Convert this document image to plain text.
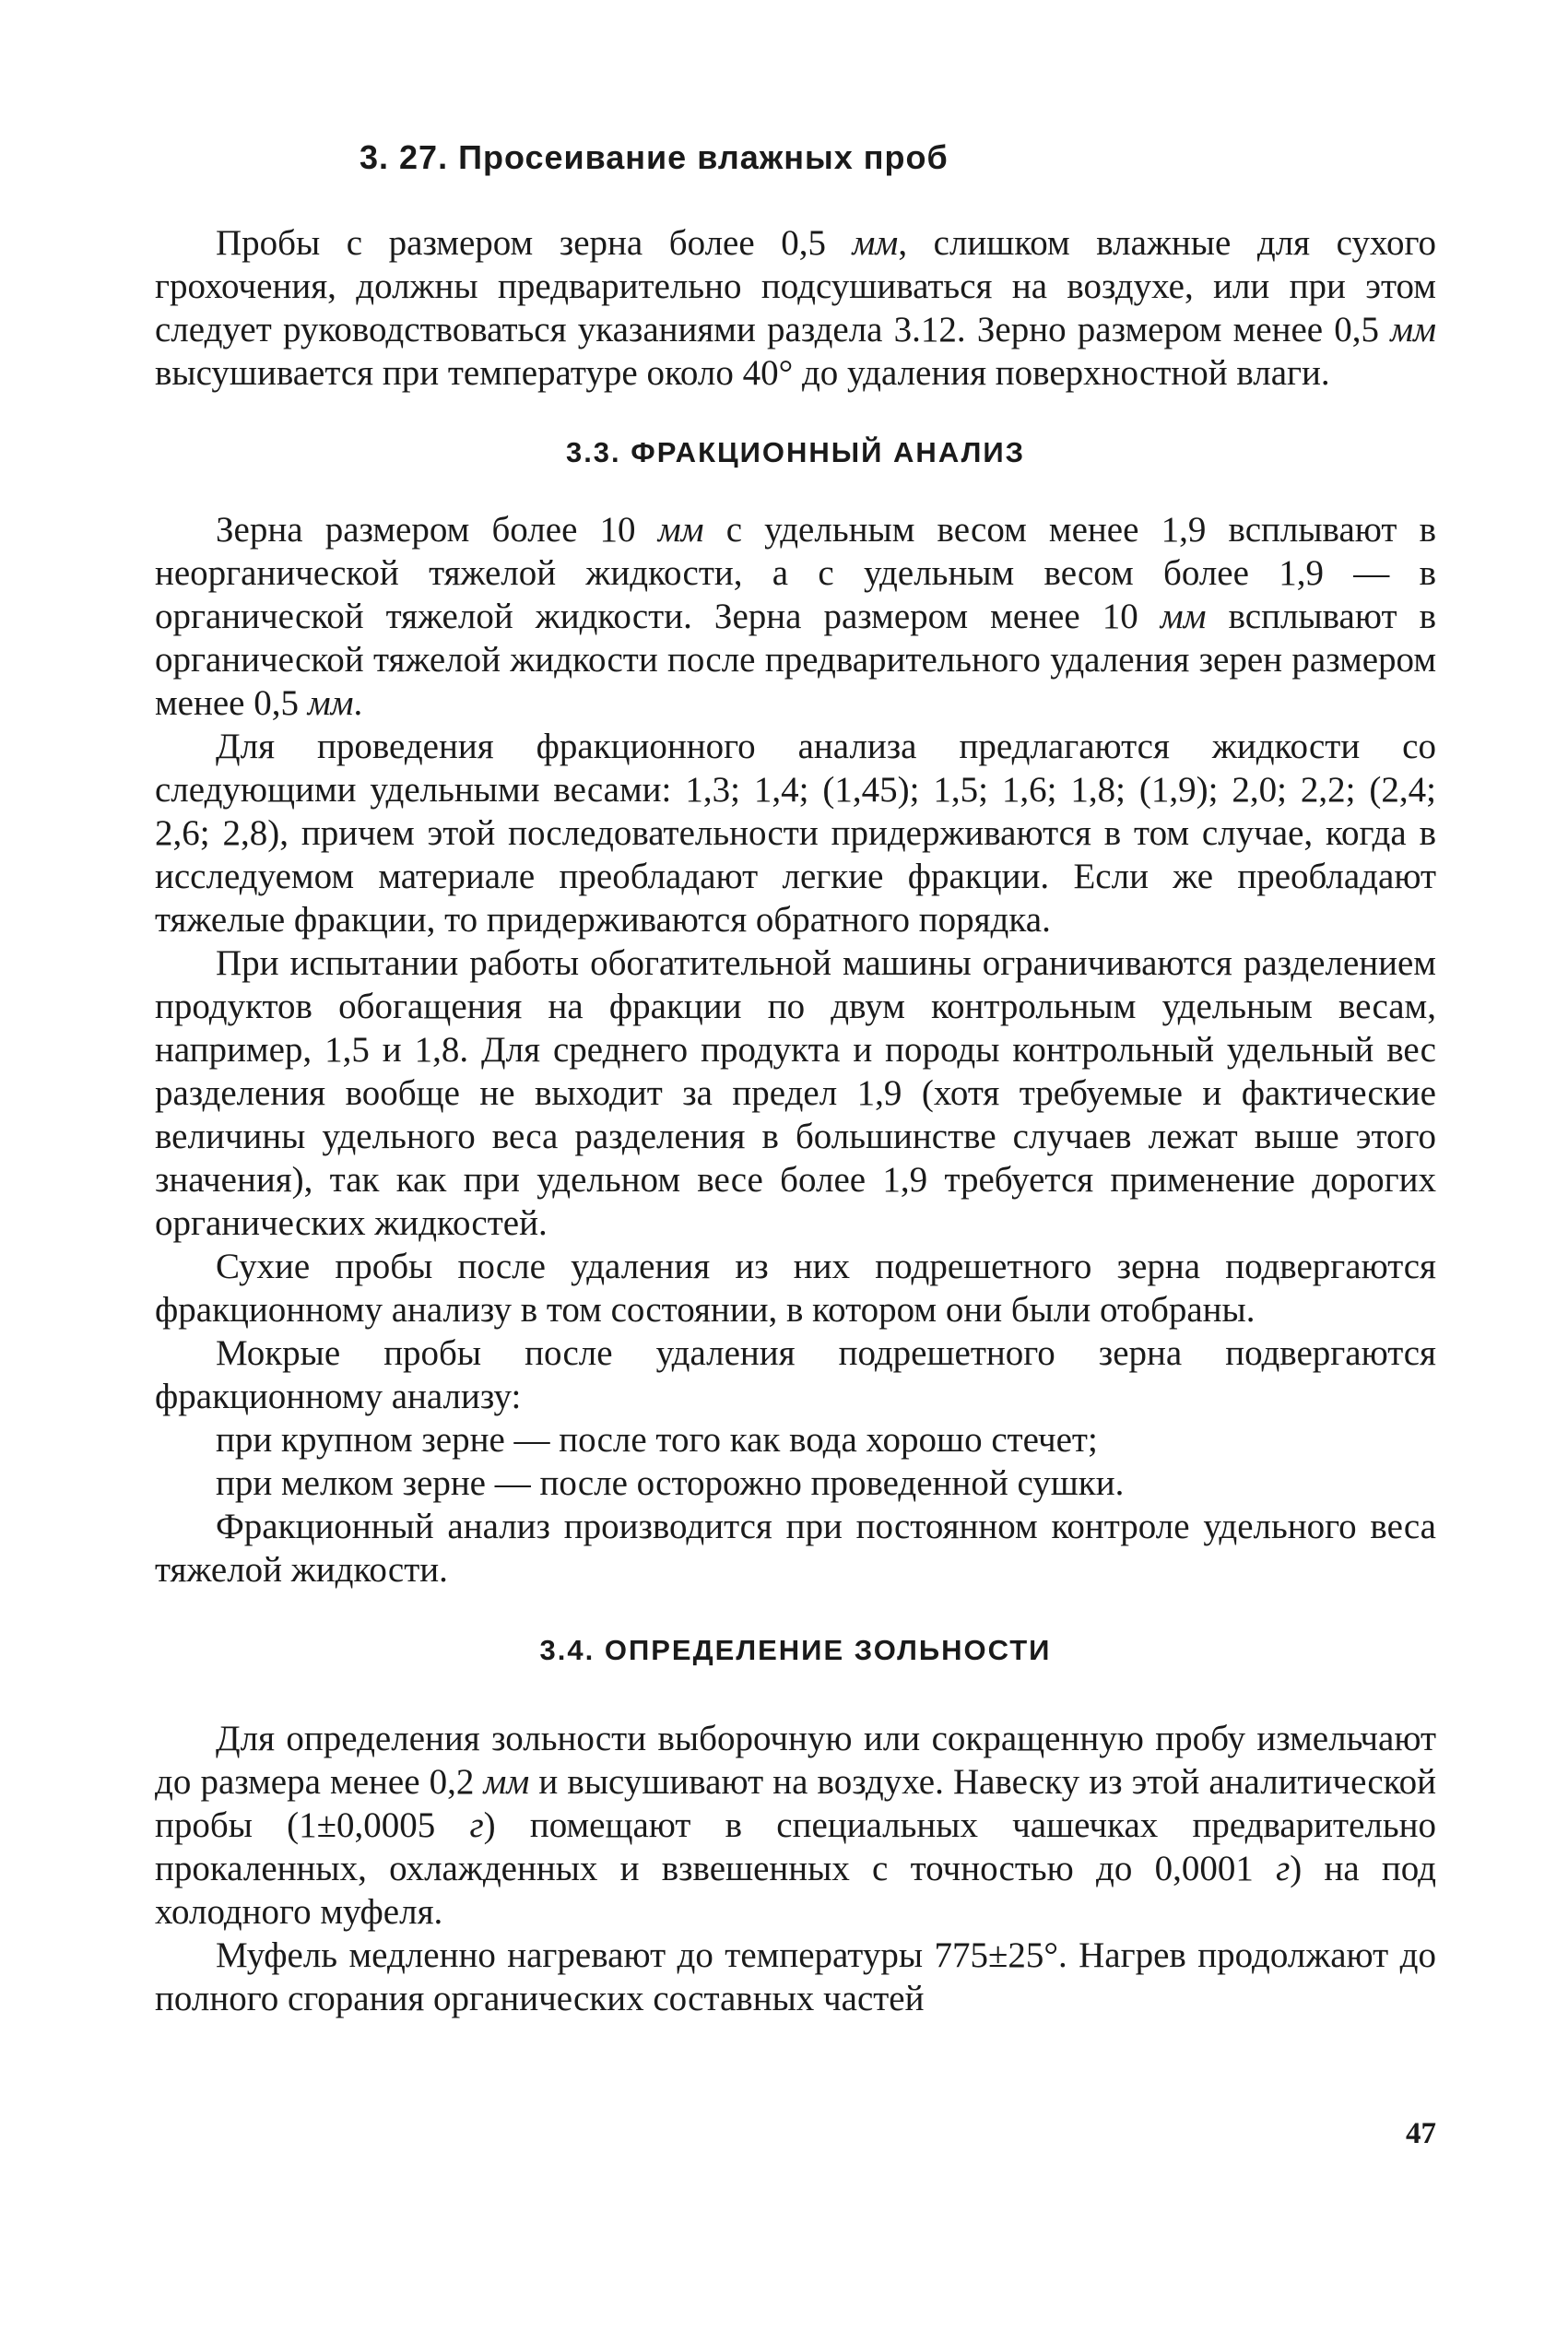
3. 27. Просеивание влажных проб

Пробы с размером зерна более 0,5 мм, слишком влажные для сухого грохочения, должны предварительно подсушиваться на воздухе, или при этом следует руководствоваться указаниями раздела 3.12. Зерно размером менее 0,5 мм высушивается при температуре около 40° до удаления поверхностной влаги.

3.3. ФРАКЦИОННЫЙ АНАЛИЗ

Зерна размером более 10 мм с удельным весом менее 1,9 всплывают в неорганической тяжелой жидкости, а с удельным весом более 1,9 — в органической тяжелой жидкости. Зерна размером менее 10 мм всплывают в органической тяжелой жидкости после предварительного удаления зерен размером менее 0,5 мм.

Для проведения фракционного анализа предлагаются жидкости со следующими удельными весами: 1,3; 1,4; (1,45); 1,5; 1,6; 1,8; (1,9); 2,0; 2,2; (2,4; 2,6; 2,8), причем этой последовательности придерживаются в том случае, когда в исследуемом материале преобладают легкие фракции. Если же преобладают тяжелые фракции, то придерживаются обратного порядка.

При испытании работы обогатительной машины ограничиваются разделением продуктов обогащения на фракции по двум контрольным удельным весам, например, 1,5 и 1,8. Для среднего продукта и породы контрольный удельный вес разделения вообще не выходит за предел 1,9 (хотя требуемые и фактические величины удельного веса разделения в большинстве случаев лежат выше этого значения), так как при удельном весе более 1,9 требуется применение дорогих органических жидкостей.

Сухие пробы после удаления из них подрешетного зерна подвергаются фракционному анализу в том состоянии, в котором они были отобраны.

Мокрые пробы после удаления подрешетного зерна подвергаются фракционному анализу:

при крупном зерне — после того как вода хорошо стечет;

при мелком зерне — после осторожно проведенной сушки.

Фракционный анализ производится при постоянном контроле удельного веса тяжелой жидкости.

3.4. ОПРЕДЕЛЕНИЕ ЗОЛЬНОСТИ

Для определения зольности выборочную или сокращенную пробу измельчают до размера менее 0,2 мм и высушивают на воздухе. Навеску из этой аналитической пробы (1±0,0005 г) помещают в специальных чашечках предварительно прокаленных, охлажденных и взвешенных с точностью до 0,0001 г) на под холодного муфеля.

Муфель медленно нагревают до температуры 775±25°. Нагрев продолжают до полного сгорания органических составных частей

47
